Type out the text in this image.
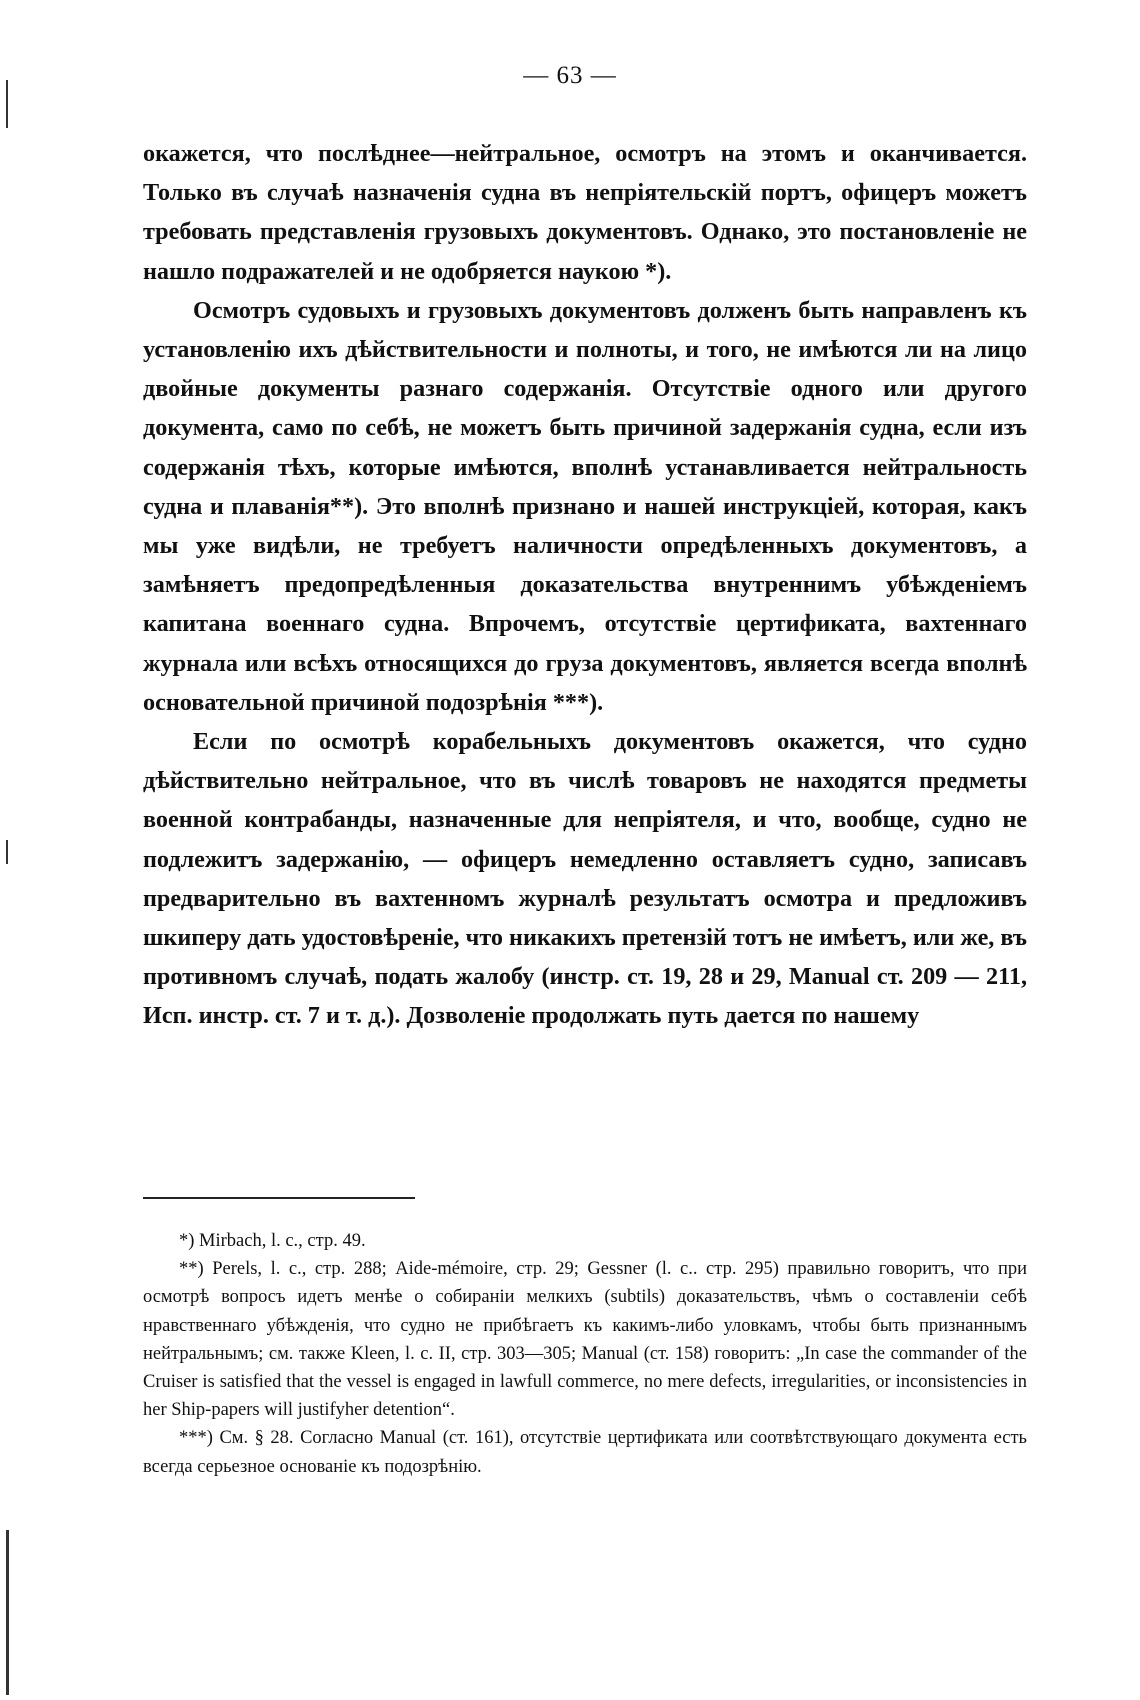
— 63 —

окажется, что послѣднее—нейтральное, осмотръ на этомъ и оканчивается. Только въ случаѣ назначенія судна въ непріятельскій портъ, офицеръ можетъ требовать представленія грузовыхъ документовъ. Однако, это постановленіе не нашло подражателей и не одобряется наукою *).

Осмотръ судовыхъ и грузовыхъ документовъ долженъ быть направленъ къ установленію ихъ дѣйствительности и полноты, и того, не имѣются ли на лицо двойные документы разнаго содержанія. Отсутствіе одного или другого документа, само по себѣ, не можетъ быть причиной задержанія судна, если изъ содержанія тѣхъ, которые имѣются, вполнѣ устанавливается нейтральность судна и плаванія**). Это вполнѣ признано и нашей инструкціей, которая, какъ мы уже видѣли, не требуетъ наличности опредѣленныхъ документовъ, а замѣняетъ предопредѣленныя доказательства внутреннимъ убѣжденіемъ капитана военнаго судна. Впрочемъ, отсутствіе цертификата, вахтеннаго журнала или всѣхъ относящихся до груза документовъ, является всегда вполнѣ основательной причиной подозрѣнія ***).

Если по осмотрѣ корабельныхъ документовъ окажется, что судно дѣйствительно нейтральное, что въ числѣ товаровъ не находятся предметы военной контрабанды, назначенные для непріятеля, и что, вообще, судно не подлежитъ задержанію, — офицеръ немедленно оставляетъ судно, записавъ предварительно въ вахтенномъ журналѣ результатъ осмотра и предложивъ шкиперу дать удостовѣреніе, что никакихъ претензій тотъ не имѣетъ, или же, въ противномъ случаѣ, подать жалобу (инстр. ст. 19, 28 и 29, Manual ст. 209 — 211, Исп. инстр. ст. 7 и т. д.). Дозволеніе продолжать путь дается по нашему

*) Mirbach, l. c., стр. 49.

**) Perels, l. c., стр. 288; Aide-mémoire, стр. 29; Gessner (l. c.. стр. 295) правильно говоритъ, что при осмотрѣ вопросъ идетъ менѣе о собираніи мелкихъ (subtils) доказательствъ, чѣмъ о составленіи себѣ нравственнаго убѣжденія, что судно не прибѣгаетъ къ какимъ-либо уловкамъ, чтобы быть признаннымъ нейтральнымъ; см. также Kleen, l. c. II, стр. 303—305; Manual (ст. 158) говоритъ: „In case the commander of the Cruiser is satisfied that the vessel is engaged in lawfull commerce, no mere defects, irregularities, or inconsistencies in her Ship-papers will justifyher detention“.

***) См. § 28. Согласно Manual (ст. 161), отсутствіе цертификата или соотвѣтствующаго документа есть всегда серьезное основаніе къ подозрѣнію.
